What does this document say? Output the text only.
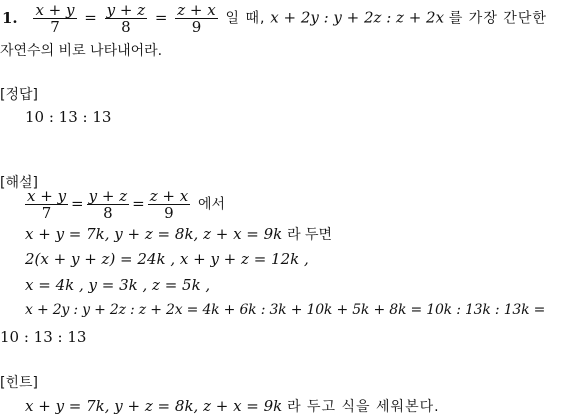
1. $\frac{x + y}{7} = \frac{y + z}{8} = \frac{z + x}{9}$ 일 때, x + 2y : y + 2z : z + 2x 를 가장 간단한
자연수의 비로 나타내어라.
[정답]
10 : 13 : 13
[해설]
$\frac{x + y}{7} = \frac{y + z}{8} = \frac{z + x}{9}$ 에서
x + y = 7k, y + z = 8k, z + x = 9k 라 두면
2(x + y + z) = 24k , x + y + z = 12k ,
x = 4k , y = 3k , z = 5k ,
x + 2y : y + 2z : z + 2x = 4k + 6k : 3k + 10k + 5k + 8k = 10k : 13k : 13k =
10 : 13 : 13
[힌트]
x + y = 7k, y + z = 8k, z + x = 9k 라 두고 식을 세워본다.
